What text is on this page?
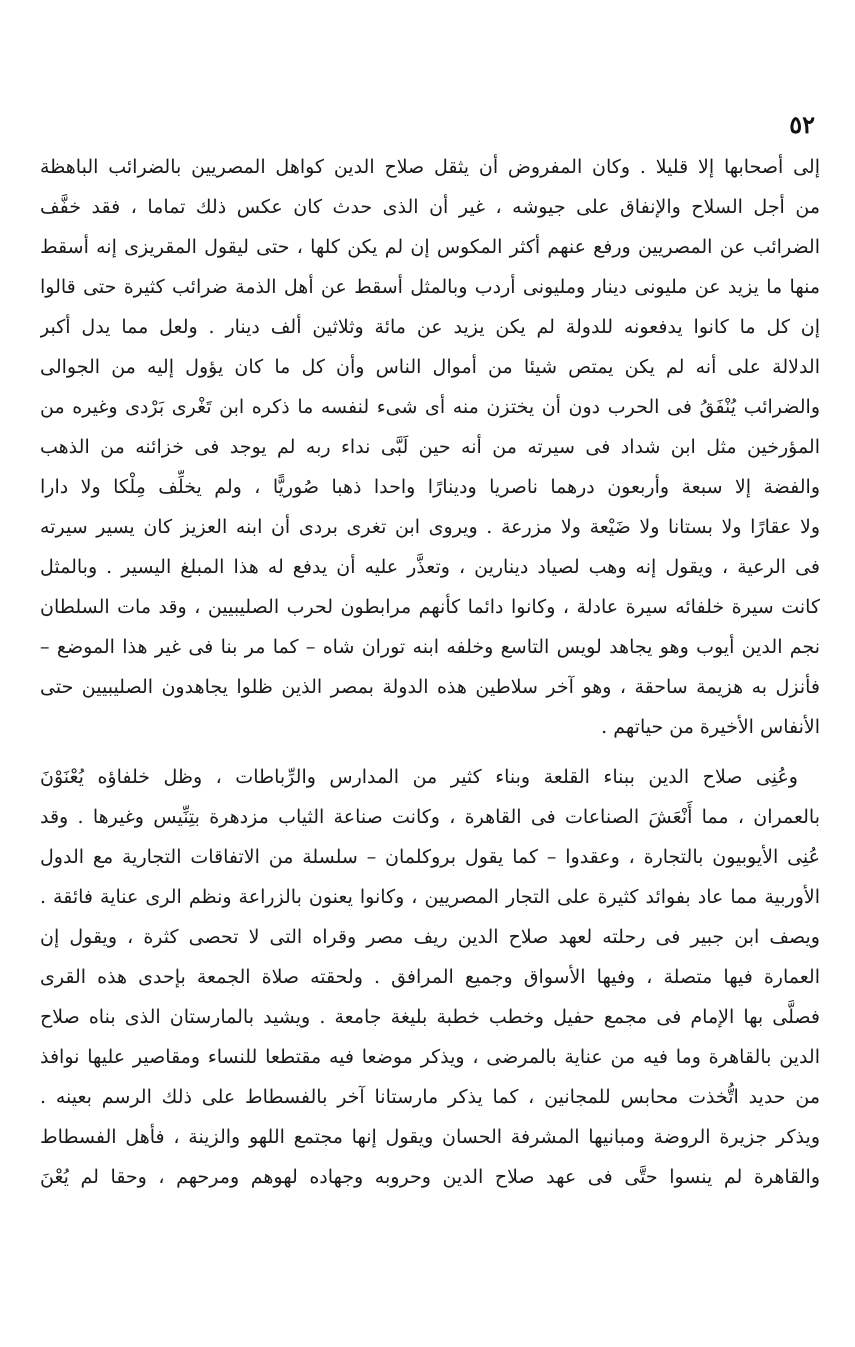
٥٢
إلى أصحابها إلا قليلا . وكان المفروض أن يثقل صلاح الدين كواهل المصريين بالضرائب الباهظة
من أجل السلاح والإنفاق على جيوشه ، غير أن الذى حدث كان عكس ذلك تماما ، فقد خفَّف
الضرائب عن المصريين ورفع عنهم أكثر المكوس إن لم يكن كلها ، حتى ليقول المقريزى إنه أسقط
منها ما يزيد عن مليونى دينار ومليونى أردب وبالمثل أسقط عن أهل الذمة ضرائب كثيرة حتى قالوا
إن كل ما كانوا يدفعونه للدولة لم يكن يزيد عن مائة وثلاثين ألف دينار . ولعل مما يدل أكبر
الدلالة على أنه لم يكن يمتص شيئا من أموال الناس وأن كل ما كان يؤول إليه من الجوالى
والضرائب يُنْفَقُ فى الحرب دون أن يختزن منه أى شىء لنفسه ما ذكره ابن تَغْرى بَرْدى وغيره من
المؤرخين مثل ابن شداد فى سيرته من أنه حين لَبَّى نداء ربه لم يوجد فى خزائنه من الذهب
والفضة إلا سبعة وأربعون درهما ناصريا ودينارًا واحدا ذهبا صُوريًّا ، ولم يخلِّف مِلْكا ولا دارا
ولا عقارًا ولا بستانا ولا ضَيْعة ولا مزرعة . ويروى ابن تغرى بردى أن ابنه العزيز كان يسير سيرته
فى الرعية ، ويقول إنه وهب لصياد دينارين ، وتعذَّر عليه أن يدفع له هذا المبلغ اليسير . وبالمثل
كانت سيرة خلفائه سيرة عادلة ، وكانوا دائما كأنهم مرابطون لحرب الصليبيين ، وقد مات السلطان
نجم الدين أيوب وهو يجاهد لويس التاسع وخلفه ابنه توران شاه – كما مر بنا فى غير هذا الموضع –
فأنزل به هزيمة ساحقة ، وهو آخر سلاطين هذه الدولة بمصر الذين ظلوا يجاهدون الصليبيين حتى
الأنفاس الأخيرة من حياتهم .
وعُنِى صلاح الدين ببناء القلعة وبناء كثير من المدارس والرِّباطات ، وظل خلفاؤه يُعْنَوْنَ
بالعمران ، مما أَنْعَشَ الصناعات فى القاهرة ، وكانت صناعة الثياب مزدهرة بتِنِّيس وغيرها . وقد
عُنِى الأيوبيون بالتجارة ، وعقدوا – كما يقول بروكلمان – سلسلة من الاتفاقات التجارية مع الدول
الأوربية مما عاد بفوائد كثيرة على التجار المصريين ، وكانوا يعنون بالزراعة ونظم الرى عناية فائقة .
ويصف ابن جبير فى رحلته لعهد صلاح الدين ريف مصر وقراه التى لا تحصى كثرة ، ويقول إن
العمارة فيها متصلة ، وفيها الأسواق وجميع المرافق . ولحقته صلاة الجمعة بإحدى هذه القرى
فصلَّى بها الإمام فى مجمع حفيل وخطب خطبة بليغة جامعة . ويشيد بالمارستان الذى بناه صلاح
الدين بالقاهرة وما فيه من عناية بالمرضى ، ويذكر موضعا فيه مقتطعا للنساء ومقاصير عليها نوافذ
من حديد اتُّخذت محابس للمجانين ، كما يذكر مارستانا آخر بالفسطاط على ذلك الرسم بعينه .
ويذكر جزيرة الروضة ومبانيها المشرفة الحسان ويقول إنها مجتمع اللهو والزينة ، فأهل الفسطاط
والقاهرة لم ينسوا حتَّى فى عهد صلاح الدين وحروبه وجهاده لهوهم ومرحهم ، وحقا لم يُعْنَ
